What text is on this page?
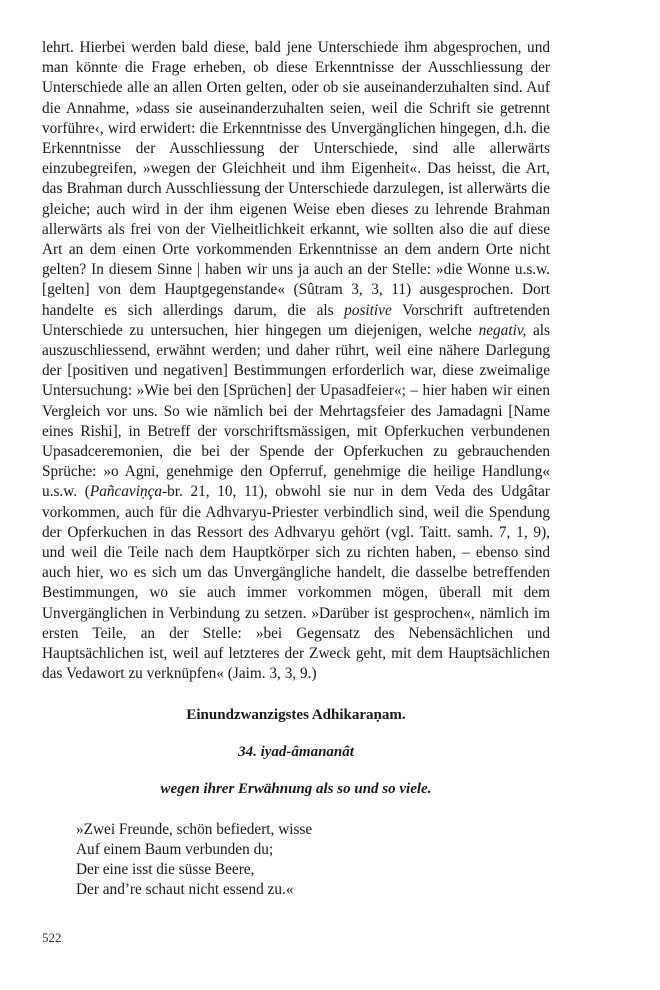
lehrt. Hierbei werden bald diese, bald jene Unterschiede ihm abgesprochen, und man könnte die Frage erheben, ob diese Erkenntnisse der Ausschliessung der Unterschiede alle an allen Orten gelten, oder ob sie auseinanderzuhalten sind. Auf die Annahme, »dass sie auseinanderzuhalten seien, weil die Schrift sie getrennt vorführe‹, wird erwidert: die Erkenntnisse des Unvergänglichen hingegen, d.h. die Erkenntnisse der Ausschliessung der Unterschiede, sind alle allerwärts einzubegreifen, »wegen der Gleichheit und ihm Eigenheit«. Das heisst, die Art, das Brahman durch Ausschliessung der Unterschiede darzulegen, ist allerwärts die gleiche; auch wird in der ihm eigenen Weise eben dieses zu lehrende Brahman allerwärts als frei von der Vielheitlichkeit erkannt, wie sollten also die auf diese Art an dem einen Orte vorkommenden Erkenntnisse an dem andern Orte nicht gelten? In diesem Sinne | haben wir uns ja auch an der Stelle: »die Wonne u.s.w. [gelten] von dem Hauptgegenstande« (Sûtram 3, 3, 11) ausgesprochen. Dort handelte es sich allerdings darum, die als positive Vorschrift auftretenden Unterschiede zu untersuchen, hier hingegen um diejenigen, welche negativ, als auszuschliessend, erwähnt werden; und daher rührt, weil eine nähere Darlegung der [positiven und negativen] Bestimmungen erforderlich war, diese zweimalige Untersuchung: »Wie bei den [Sprüchen] der Upasadfeier«; – hier haben wir einen Vergleich vor uns. So wie nämlich bei der Mehrtagsfeier des Jamadagni [Name eines Rishi], in Betreff der vorschriftsmässigen, mit Opferkuchen verbundenen Upasadceremonien, die bei der Spende der Opferkuchen zu gebrauchenden Sprüche: »o Agni, genehmige den Opferruf, genehmige die heilige Handlung« u.s.w. (Pañcaviṇça-br. 21, 10, 11), obwohl sie nur in dem Veda des Udgâtar vorkommen, auch für die Adhvaryu-Priester verbindlich sind, weil die Spendung der Opferkuchen in das Ressort des Adhvaryu gehört (vgl. Taitt. samh. 7, 1, 9), und weil die Teile nach dem Hauptkörper sich zu richten haben, – ebenso sind auch hier, wo es sich um das Unvergängliche handelt, die dasselbe betreffenden Bestimmungen, wo sie auch immer vorkommen mögen, überall mit dem Unvergänglichen in Verbindung zu setzen. »Darüber ist gesprochen«, nämlich im ersten Teile, an der Stelle: »bei Gegensatz des Nebensächlichen und Hauptsächlichen ist, weil auf letzteres der Zweck geht, mit dem Hauptsächlichen das Vedawort zu verknüpfen« (Jaim. 3, 3, 9.)

Einundzwanzigstes Adhikaraṇam.

34. iyad-âmananât

wegen ihrer Erwähnung als so und so viele.

»Zwei Freunde, schön befiedert, wisse
Auf einem Baum verbunden du;
Der eine isst die süsse Beere,
Der and’re schaut nicht essend zu.«
522
